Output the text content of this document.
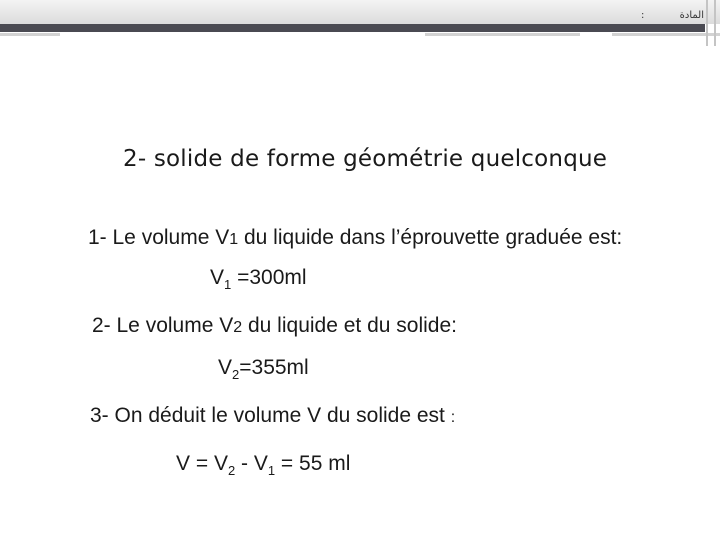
المادة
:
2- solide de forme géométrie quelconque
1- Le volume V1 du liquide dans l’éprouvette graduée est:
$V_1 =300ml$
2- Le volume V2 du liquide et du solide:
$V_2=355ml$
3- On déduit le volume V du solide est :
$V = V_2 - V_1 = 55$ ml
